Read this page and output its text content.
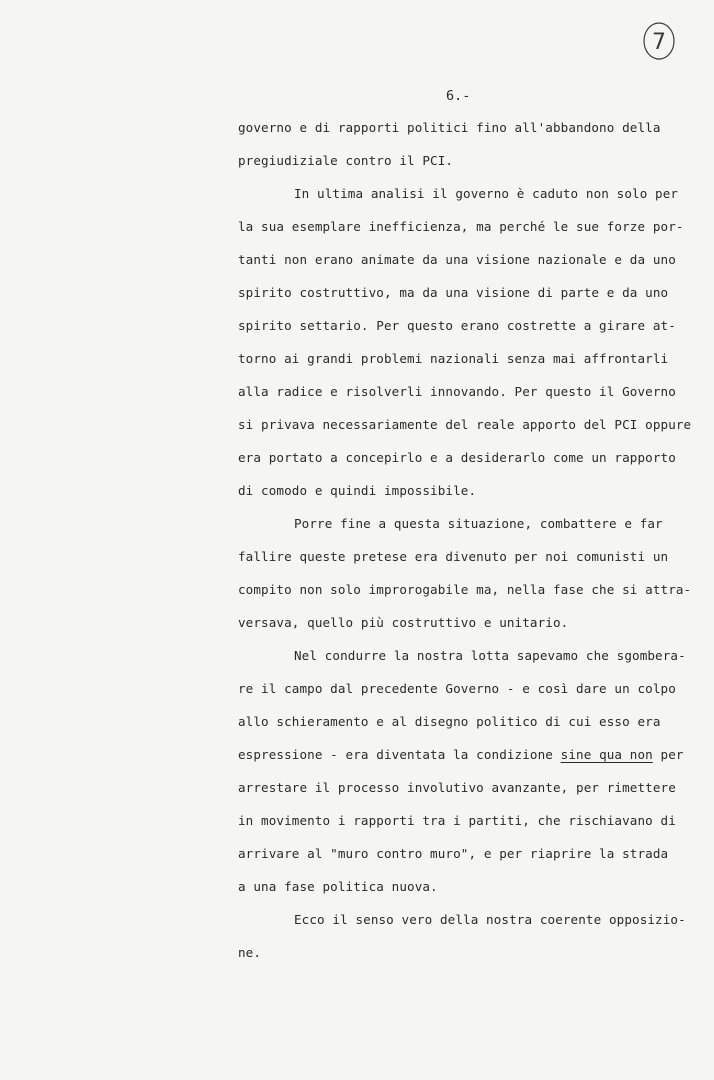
7
6.-
governo e di rapporti politici fino all'abbandono della
pregiudiziale contro il PCI.
In ultima analisi il governo è caduto non solo per
la sua esemplare inefficienza, ma perché le sue forze por-
tanti non erano animate da una visione nazionale e da uno
spirito costruttivo, ma da una visione di parte e da uno
spirito settario. Per questo erano costrette a girare at-
torno ai grandi problemi nazionali senza mai affrontarli
alla radice e risolverli innovando. Per questo il Governo
si privava necessariamente del reale apporto del PCI oppure
era portato a concepirlo e a desiderarlo come un rapporto
di comodo e quindi impossibile.
Porre fine a questa situazione, combattere e far
fallire queste pretese era divenuto per noi comunisti un
compito non solo improrogabile ma, nella fase che si attra-
versava, quello più costruttivo e unitario.
Nel condurre la nostra lotta sapevamo che sgombera-
re il campo dal precedente Governo - e così dare un colpo
allo schieramento e al disegno politico di cui esso era
espressione - era diventata la condizione sine qua non per
arrestare il processo involutivo avanzante, per rimettere
in movimento i rapporti tra i partiti, che rischiavano di
arrivare al "muro contro muro", e per riaprire la strada
a una fase politica nuova.
Ecco il senso vero della nostra coerente opposizio-
ne.
